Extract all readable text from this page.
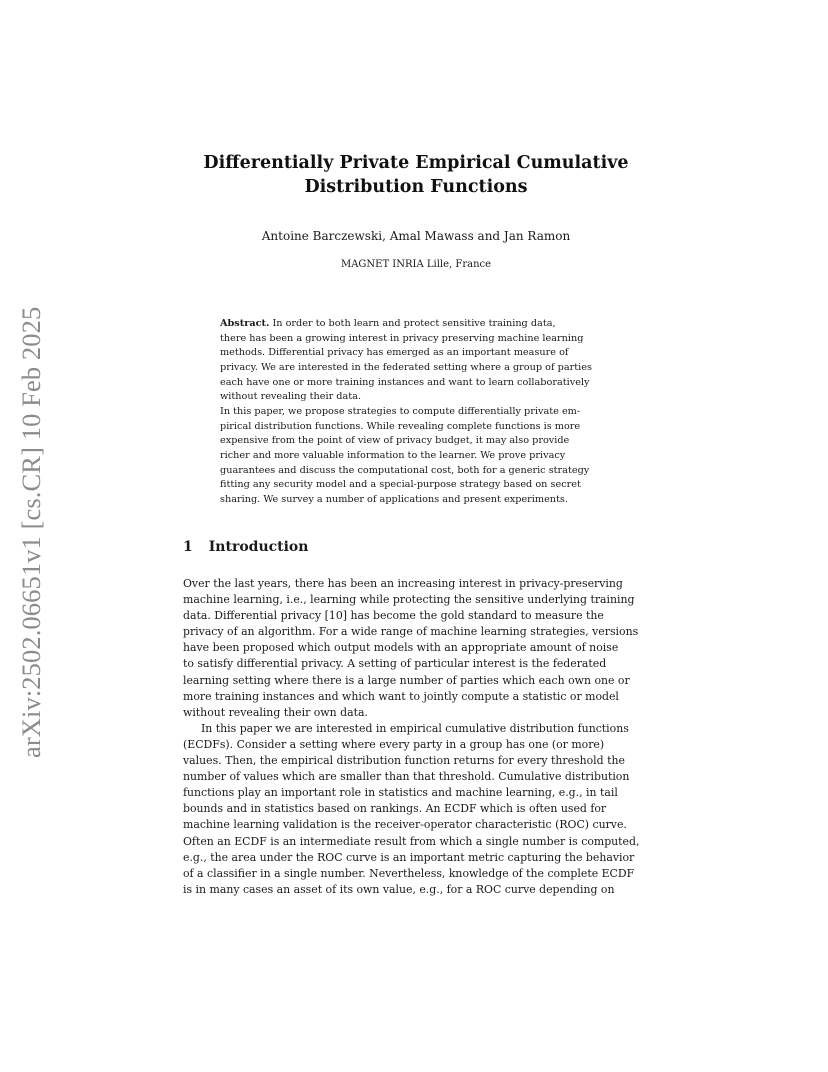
arXiv:2502.06651v1 [cs.CR] 10 Feb 2025
Differentially Private Empirical Cumulative
Distribution Functions
Antoine Barczewski, Amal Mawass and Jan Ramon
MAGNET INRIA Lille, France
Abstract. In order to both learn and protect sensitive training data,
there has been a growing interest in privacy preserving machine learning
methods. Differential privacy has emerged as an important measure of
privacy. We are interested in the federated setting where a group of parties
each have one or more training instances and want to learn collaboratively
without revealing their data.
In this paper, we propose strategies to compute differentially private em-
pirical distribution functions. While revealing complete functions is more
expensive from the point of view of privacy budget, it may also provide
richer and more valuable information to the learner. We prove privacy
guarantees and discuss the computational cost, both for a generic strategy
fitting any security model and a special-purpose strategy based on secret
sharing. We survey a number of applications and present experiments.
1 Introduction
Over the last years, there has been an increasing interest in privacy-preserving
machine learning, i.e., learning while protecting the sensitive underlying training
data. Differential privacy [10] has become the gold standard to measure the
privacy of an algorithm. For a wide range of machine learning strategies, versions
have been proposed which output models with an appropriate amount of noise
to satisfy differential privacy. A setting of particular interest is the federated
learning setting where there is a large number of parties which each own one or
more training instances and which want to jointly compute a statistic or model
without revealing their own data.
In this paper we are interested in empirical cumulative distribution functions
(ECDFs). Consider a setting where every party in a group has one (or more)
values. Then, the empirical distribution function returns for every threshold the
number of values which are smaller than that threshold. Cumulative distribution
functions play an important role in statistics and machine learning, e.g., in tail
bounds and in statistics based on rankings. An ECDF which is often used for
machine learning validation is the receiver-operator characteristic (ROC) curve.
Often an ECDF is an intermediate result from which a single number is computed,
e.g., the area under the ROC curve is an important metric capturing the behavior
of a classifier in a single number. Nevertheless, knowledge of the complete ECDF
is in many cases an asset of its own value, e.g., for a ROC curve depending on
